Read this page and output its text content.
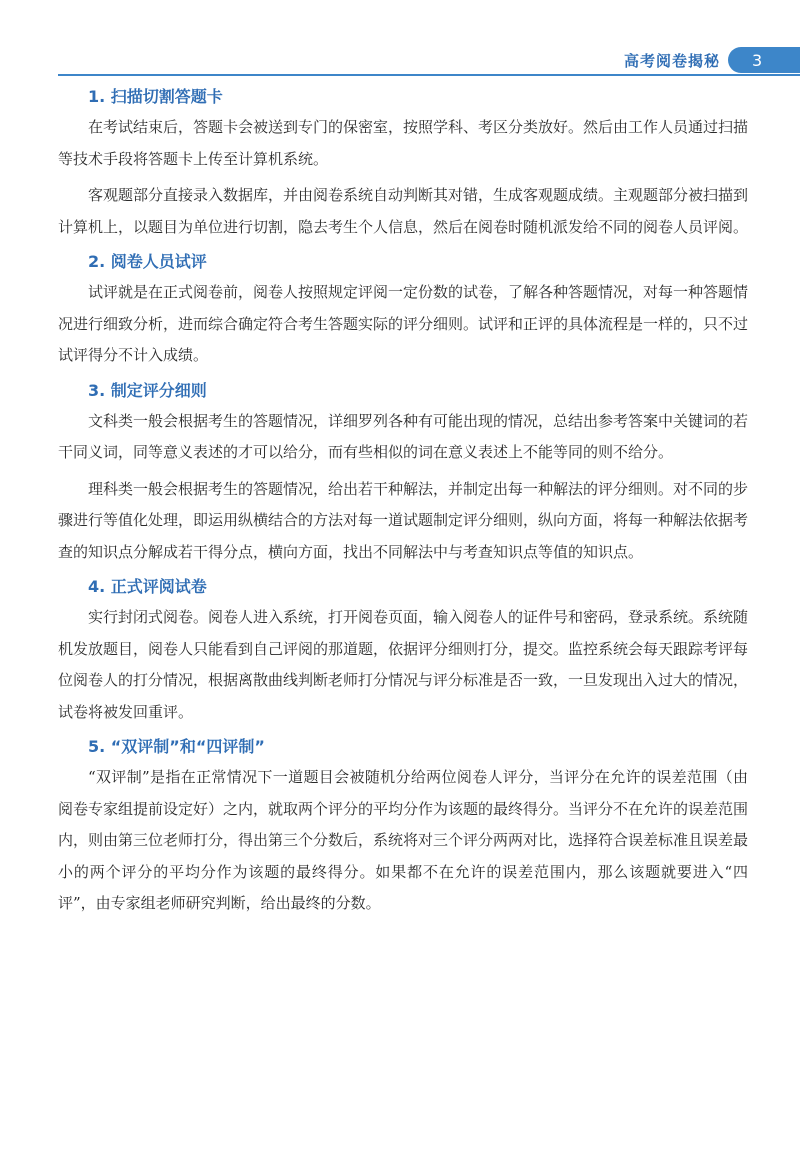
高考阅卷揭秘	3
1. 扫描切割答题卡

在考试结束后，答题卡会被送到专门的保密室，按照学科、考区分类放好。然后由工作人员通过扫描等技术手段将答题卡上传至计算机系统。

客观题部分直接录入数据库，并由阅卷系统自动判断其对错，生成客观题成绩。主观题部分被扫描到计算机上，以题目为单位进行切割，隐去考生个人信息，然后在阅卷时随机派发给不同的阅卷人员评阅。

2. 阅卷人员试评

试评就是在正式阅卷前，阅卷人按照规定评阅一定份数的试卷，了解各种答题情况，对每一种答题情况进行细致分析，进而综合确定符合考生答题实际的评分细则。试评和正评的具体流程是一样的，只不过试评得分不计入成绩。

3. 制定评分细则

文科类一般会根据考生的答题情况，详细罗列各种有可能出现的情况，总结出参考答案中关键词的若干同义词，同等意义表述的才可以给分，而有些相似的词在意义表述上不能等同的则不给分。

理科类一般会根据考生的答题情况，给出若干种解法，并制定出每一种解法的评分细则。对不同的步骤进行等值化处理，即运用纵横结合的方法对每一道试题制定评分细则，纵向方面，将每一种解法依据考查的知识点分解成若干得分点，横向方面，找出不同解法中与考查知识点等值的知识点。

4. 正式评阅试卷

实行封闭式阅卷。阅卷人进入系统，打开阅卷页面，输入阅卷人的证件号和密码，登录系统。系统随机发放题目，阅卷人只能看到自己评阅的那道题，依据评分细则打分，提交。监控系统会每天跟踪考评每位阅卷人的打分情况，根据离散曲线判断老师打分情况与评分标准是否一致，一旦发现出入过大的情况，试卷将被发回重评。

5. “双评制”和“四评制”

“双评制”是指在正常情况下一道题目会被随机分给两位阅卷人评分，当评分在允许的误差范围（由阅卷专家组提前设定好）之内，就取两个评分的平均分作为该题的最终得分。当评分不在允许的误差范围内，则由第三位老师打分，得出第三个分数后，系统将对三个评分两两对比，选择符合误差标准且误差最小的两个评分的平均分作为该题的最终得分。如果都不在允许的误差范围内，那么该题就要进入“四评”，由专家组老师研究判断，给出最终的分数。
